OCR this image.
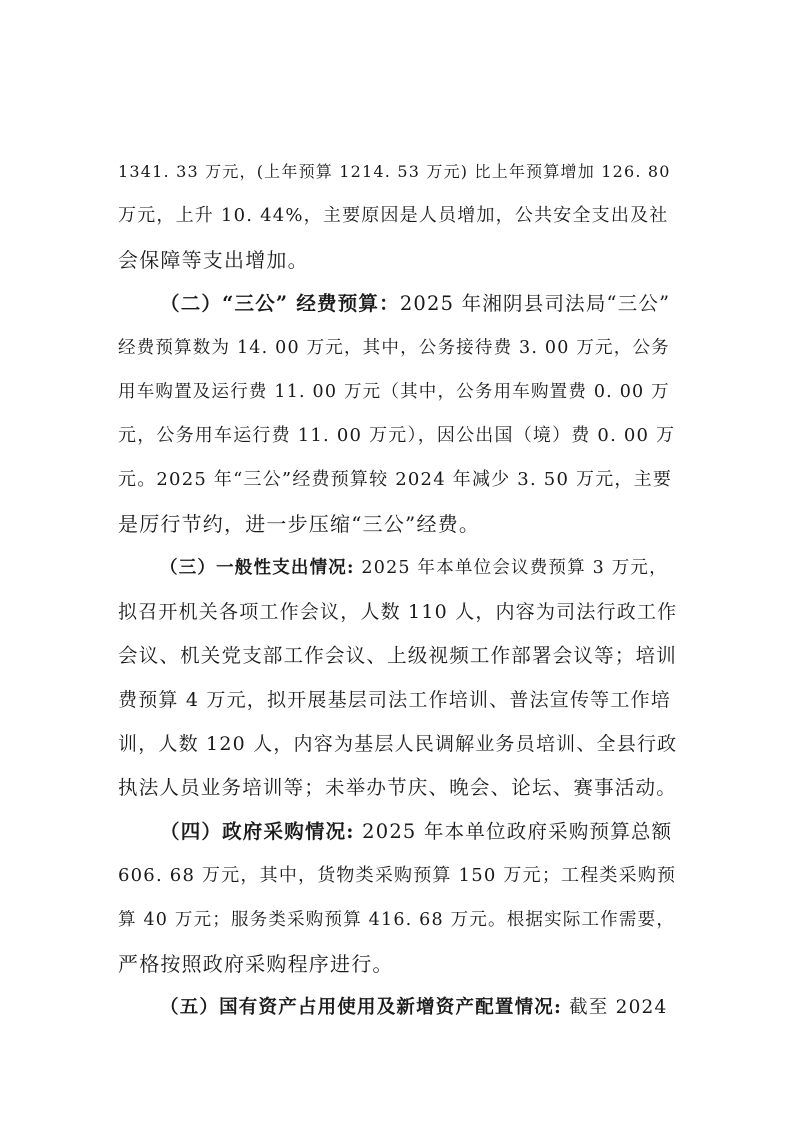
1341. 33 万元，(上年预算 1214. 53 万元) 比上年预算增加 126. 80
万元，上升 10. 44%，主要原因是人员增加，公共安全支出及社
会保障等支出增加。
（二）“三公” 经费预算：2025 年湘阴县司法局“三公”
经费预算数为 14. 00 万元，其中，公务接待费 3. 00 万元，公务
用车购置及运行费 11. 00 万元（其中，公务用车购置费 0. 00 万
元，公务用车运行费 11. 00 万元），因公出国（境）费 0. 00 万
元。2025 年“三公”经费预算较 2024 年减少 3. 50 万元，主要
是厉行节约，进一步压缩“三公”经费。
（三）一般性支出情况: 2025 年本单位会议费预算 3 万元，
拟召开机关各项工作会议，人数 110 人，内容为司法行政工作
会议、机关党支部工作会议、上级视频工作部署会议等；培训
费预算 4 万元，拟开展基层司法工作培训、普法宣传等工作培
训，人数 120 人，内容为基层人民调解业务员培训、全县行政
执法人员业务培训等；未举办节庆、晚会、论坛、赛事活动。
（四）政府采购情况: 2025 年本单位政府采购预算总额
606. 68 万元，其中，货物类采购预算 150 万元；工程类采购预
算 40 万元；服务类采购预算 416. 68 万元。根据实际工作需要，
严格按照政府采购程序进行。
（五）国有资产占用使用及新增资产配置情况: 截至 2024
